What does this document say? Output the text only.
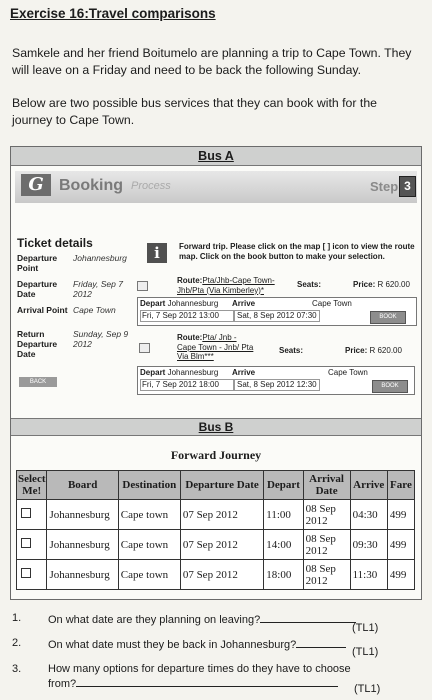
Exercise 16:Travel comparisons
Samkele and her friend Boitumelo are planning a trip to Cape Town. They will leave on a Friday and need to be back the following Sunday.
Below are two possible bus services that they can book with for the journey to Cape Town.
Bus A
G Booking Process	Step 3
Ticket details
Departure Point
Johannesburg
Departure Date
Friday, Sep 7 2012
Arrival Point Cape Town
Return Departure Date
Sunday, Sep 9 2012
BACK
i	Forward trip. Please click on the map [ ] icon to view the route map. Click on the book button to make your selection.
Route:Pta/Jhb-Cape Town-Jhb/Pta (Via Kimberley)*
Seats:	Price: R 620.00
Depart Johannesburg Arrive	Cape Town
Fri, 7 Sep 2012 13:00	Sat, 8 Sep 2012 07:30	BOOK
Route:Pta/ Jnb - Cape Town - Jnb/ Pta Via Blm***
Seats:	Price: R 620.00
Depart Johannesburg Arrive	Cape Town
Fri, 7 Sep 2012 18:00	Sat, 8 Sep 2012 12:30	BOOK
Bus B
Forward Journey
Select Me!	Board	Destination	Departure Date	Depart	Arrival Date	Arrive	Fare
	Johannesburg	Cape town	07 Sep 2012	11:00	08 Sep 2012	04:30	499
	Johannesburg	Cape town	07 Sep 2012	14:00	08 Sep 2012	09:30	499
	Johannesburg	Cape town	07 Sep 2012	18:00	08 Sep 2012	11:30	499
1. On what date are they planning on leaving?
(TL1)
2. On what date must they be back in Johannesburg?
(TL1)
3. How many options for departure times do they have to choose
from?	(TL1)
